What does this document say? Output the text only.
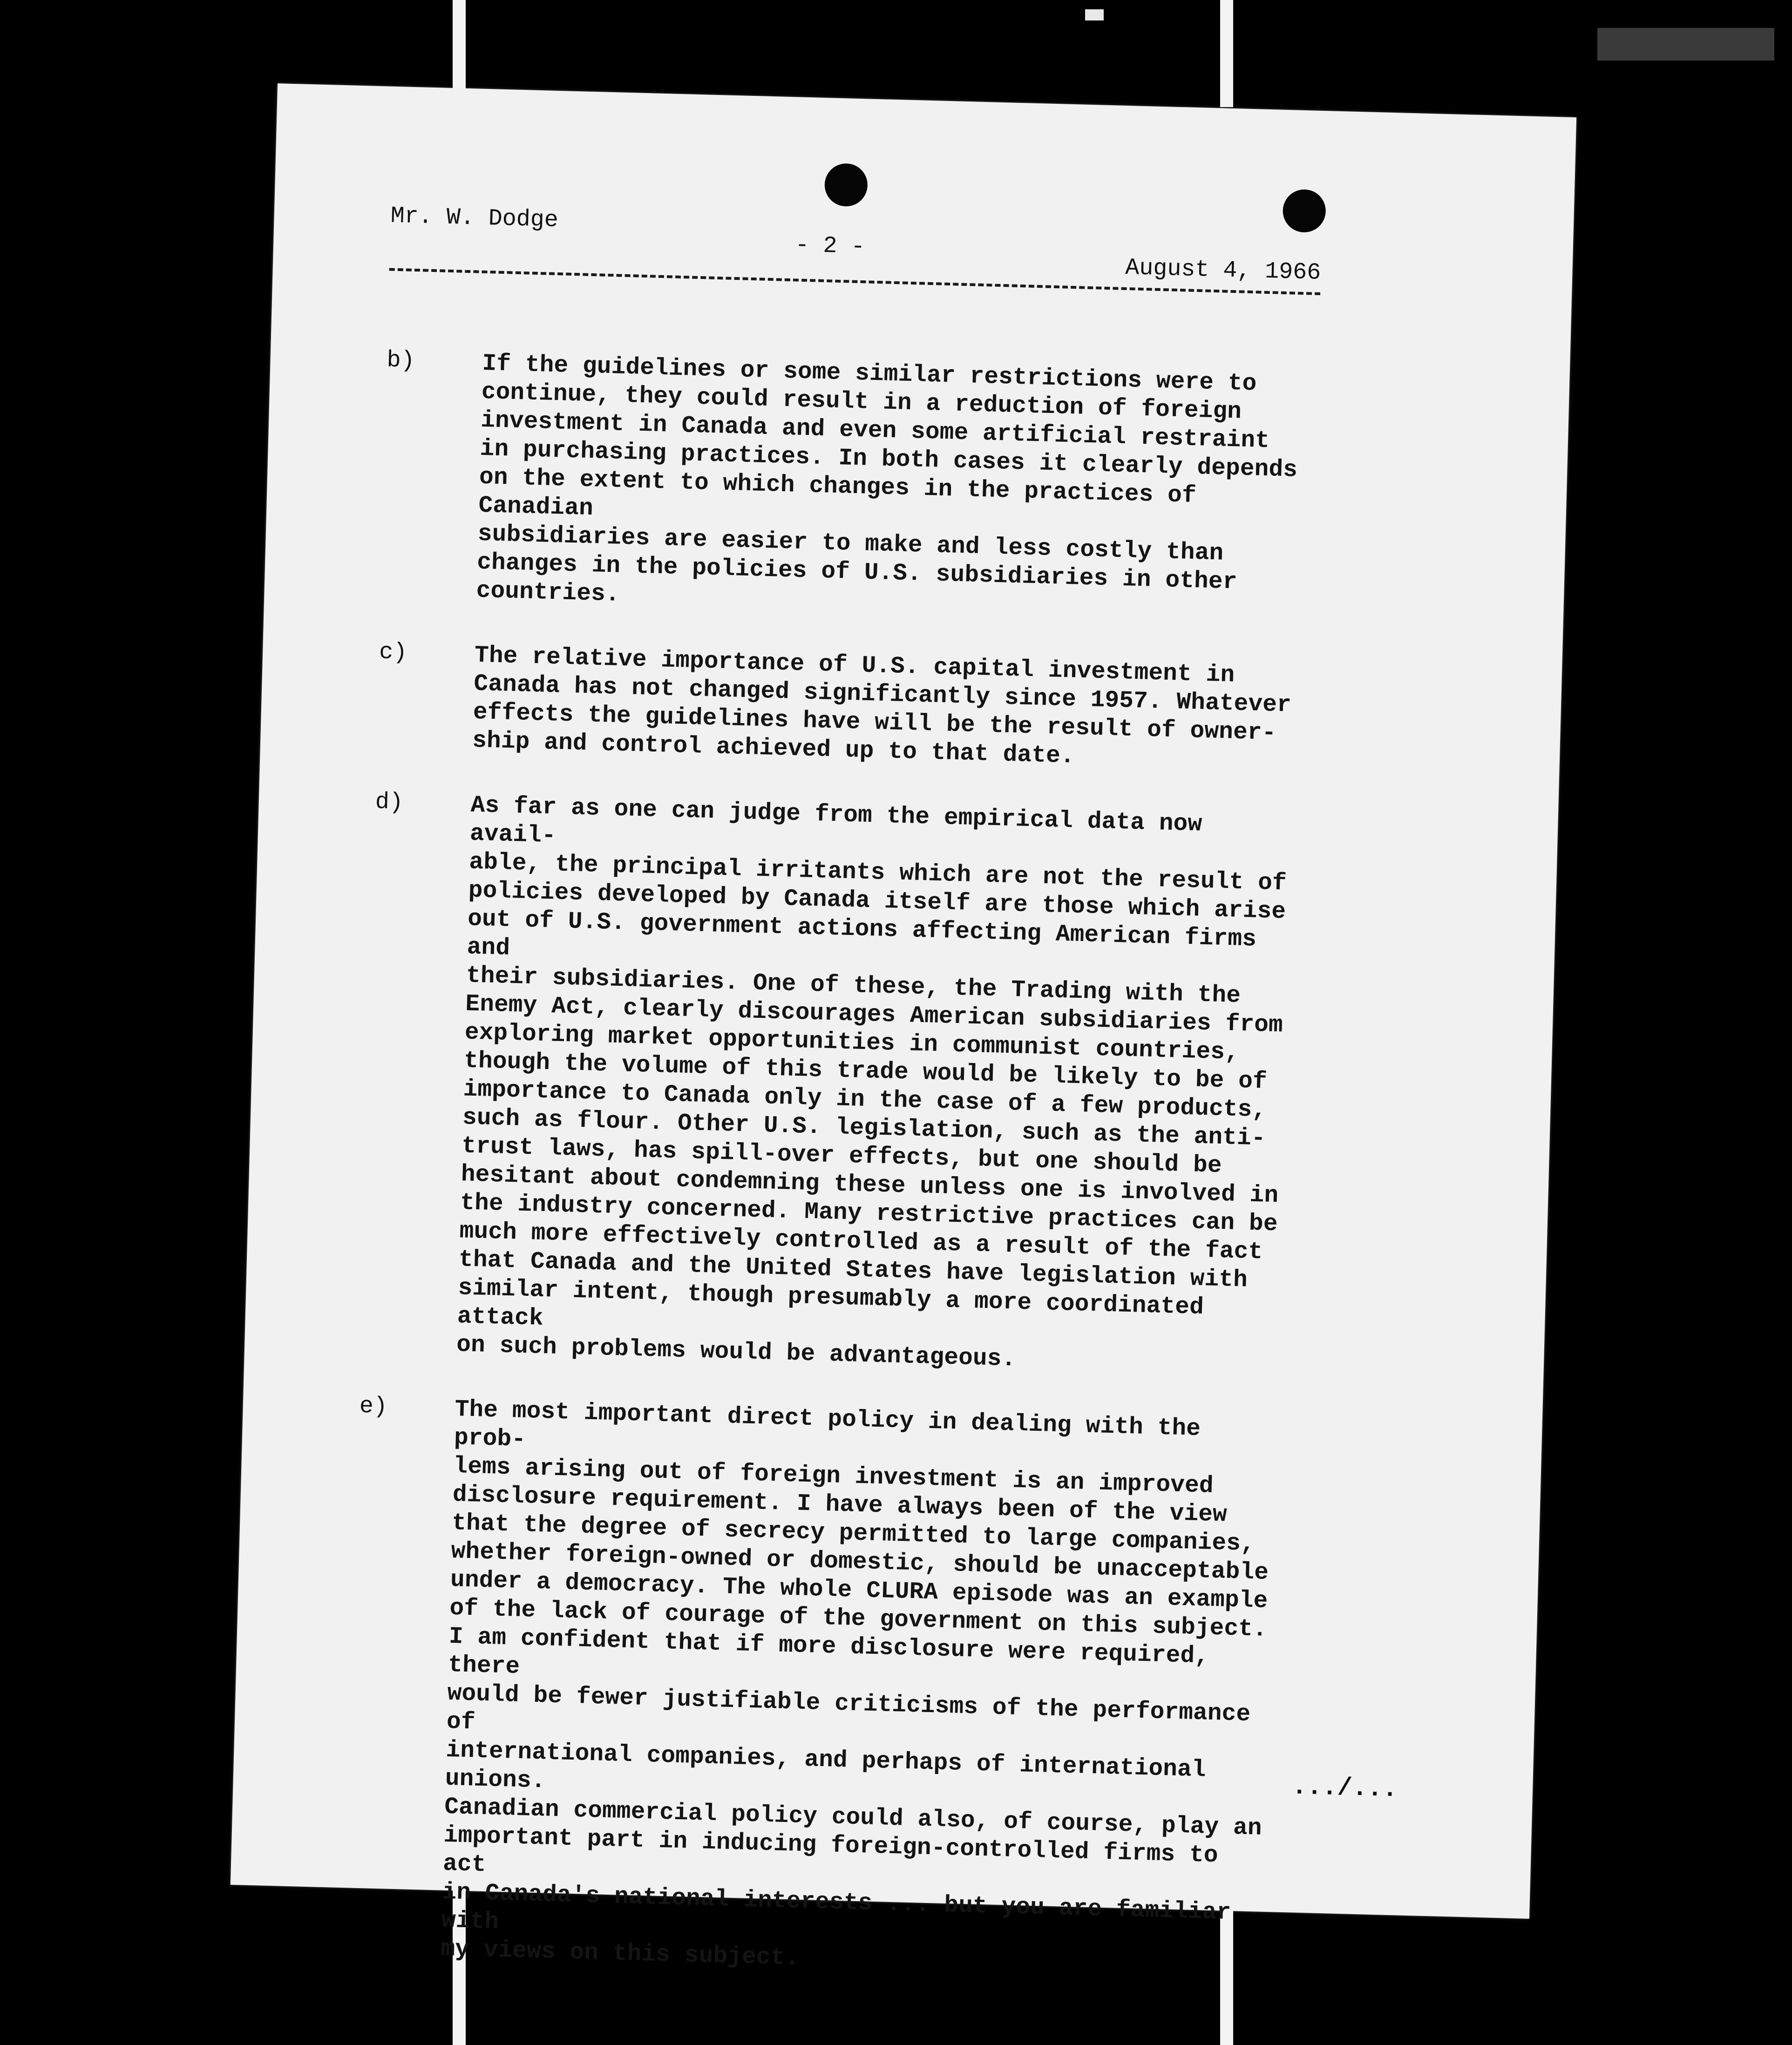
Mr. W. Dodge
- 2 -
August 4, 1966
b)	If the guidelines or some similar restrictions were to
continue, they could result in a reduction of foreign
investment in Canada and even some artificial restraint
in purchasing practices. In both cases it clearly depends
on the extent to which changes in the practices of Canadian
subsidiaries are easier to make and less costly than
changes in the policies of U.S. subsidiaries in other
countries.
c)	The relative importance of U.S. capital investment in
Canada has not changed significantly since 1957. Whatever
effects the guidelines have will be the result of owner-
ship and control achieved up to that date.
d)	As far as one can judge from the empirical data now avail-
able, the principal irritants which are not the result of
policies developed by Canada itself are those which arise
out of U.S. government actions affecting American firms and
their subsidiaries. One of these, the Trading with the
Enemy Act, clearly discourages American subsidiaries from
exploring market opportunities in communist countries,
though the volume of this trade would be likely to be of
importance to Canada only in the case of a few products,
such as flour. Other U.S. legislation, such as the anti-
trust laws, has spill-over effects, but one should be
hesitant about condemning these unless one is involved in
the industry concerned. Many restrictive practices can be
much more effectively controlled as a result of the fact
that Canada and the United States have legislation with
similar intent, though presumably a more coordinated attack
on such problems would be advantageous.
e)	The most important direct policy in dealing with the prob-
lems arising out of foreign investment is an improved
disclosure requirement. I have always been of the view
that the degree of secrecy permitted to large companies,
whether foreign-owned or domestic, should be unacceptable
under a democracy. The whole CLURA episode was an example
of the lack of courage of the government on this subject.
I am confident that if more disclosure were required, there
would be fewer justifiable criticisms of the performance of
international companies, and perhaps of international unions.
Canadian commercial policy could also, of course, play an
important part in inducing foreign-controlled firms to act
in Canada's national interests ... but you are familiar with
my views on this subject.
.../...
